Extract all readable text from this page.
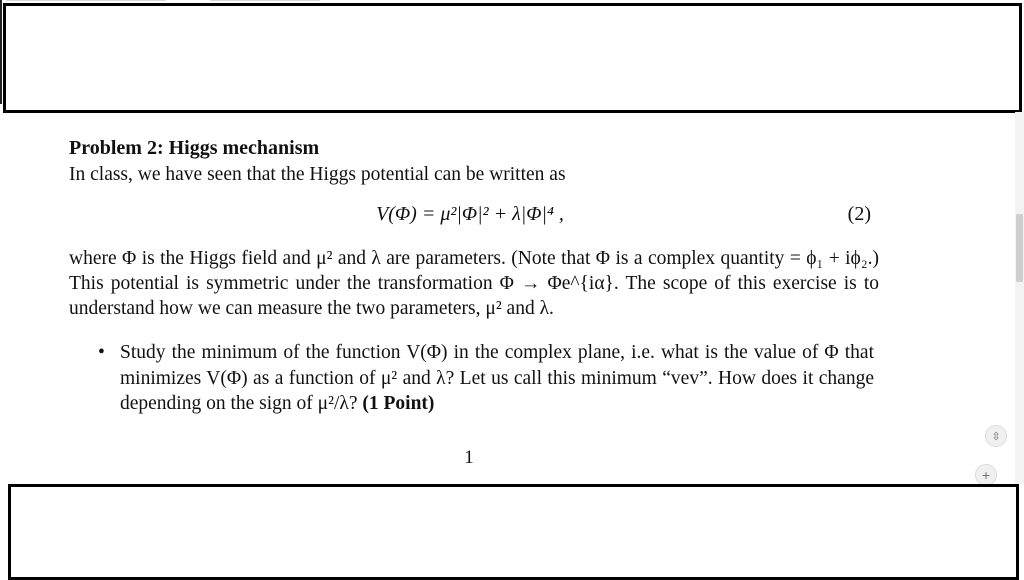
Problem 2: Higgs mechanism
In class, we have seen that the Higgs potential can be written as
V(Φ) = μ²|Φ|² + λ|Φ|⁴ ,	(2)
where Φ is the Higgs field and μ² and λ are parameters. (Note that Φ is a complex quantity = ϕ₁ + iϕ₂.) This potential is symmetric under the transformation Φ → Φe^{iα}. The scope of this exercise is to understand how we can measure the two parameters, μ² and λ.
• Study the minimum of the function V(Φ) in the complex plane, i.e. what is the value of Φ that minimizes V(Φ) as a function of μ² and λ? Let us call this minimum “vev”. How does it change depending on the sign of μ²/λ? (1 Point)
1
⇳
+
